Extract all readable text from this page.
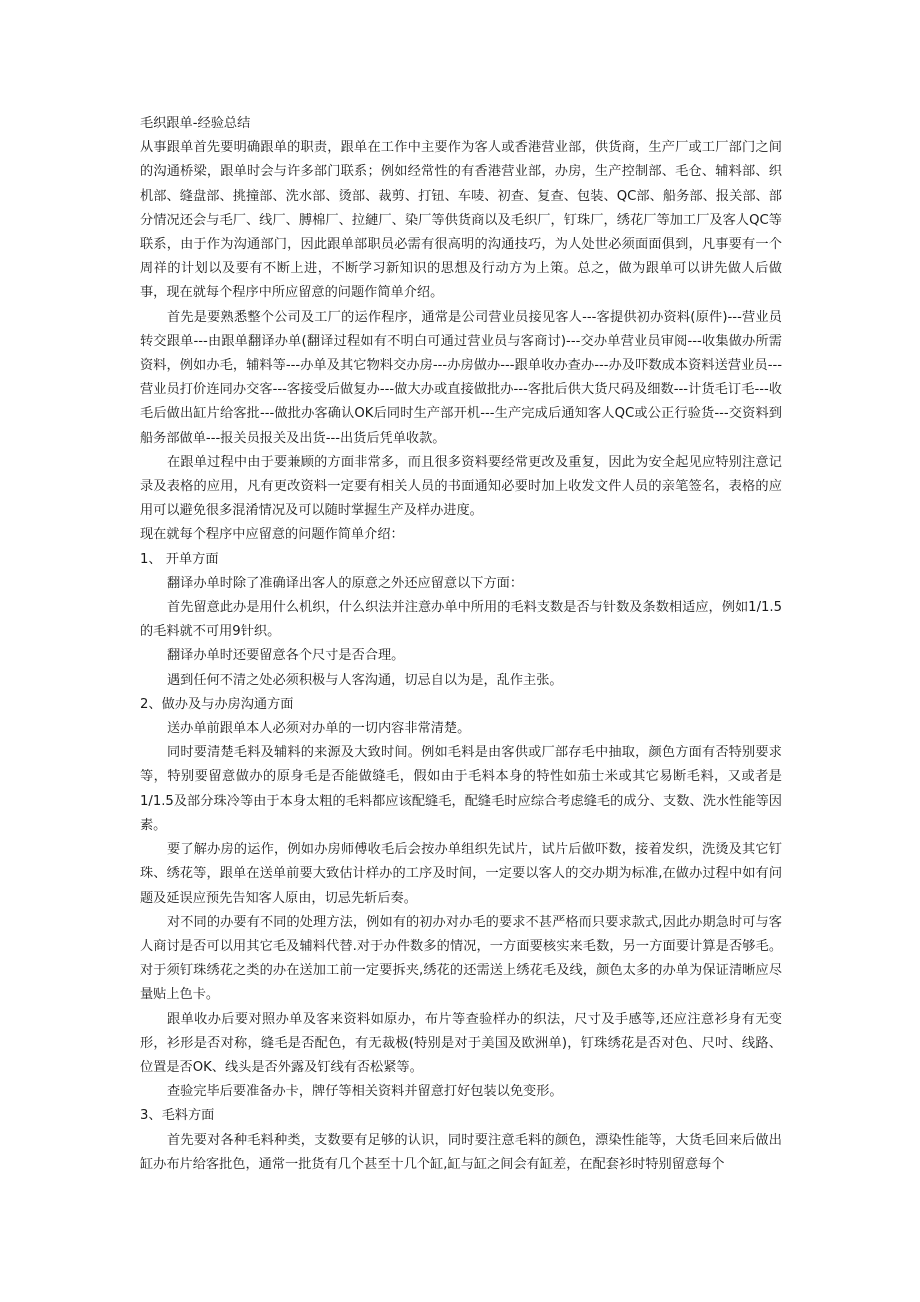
毛织跟单-经验总结

从事跟单首先要明确跟单的职责，跟单在工作中主要作为客人或香港营业部，供货商，生产厂或工厂部门之间的沟通桥梁，跟单时会与许多部门联系；例如经常性的有香港营业部，办房，生产控制部、毛仓、辅料部、织机部、缝盘部、挑撞部、洗水部、烫部、裁剪、打钮、车唛、初查、复查、包装、QC部、船务部、报关部、部分情况还会与毛厂、线厂、膊棉厂、拉縺厂、染厂等供货商以及毛织厂，钉珠厂，绣花厂等加工厂及客人QC等联系，由于作为沟通部门，因此跟单部职员必需有很高明的沟通技巧，为人处世必须面面俱到，凡事要有一个周祥的计划以及要有不断上进，不断学习新知识的思想及行动方为上策。总之，做为跟单可以讲先做人后做事，现在就每个程序中所应留意的问题作简单介绍。

首先是要熟悉整个公司及工厂的运作程序，通常是公司营业员接见客人---客提供初办资料(原件)---营业员转交跟单---由跟单翻译办单(翻译过程如有不明白可通过营业员与客商讨)---交办单营业员审阅---收集做办所需资料，例如办毛，辅料等---办单及其它物料交办房---办房做办---跟单收办查办---办及吓数成本资料送营业员---营业员打价连同办交客---客接受后做复办---做大办或直接做批办---客批后供大货尺码及细数---计货毛订毛---收毛后做出缸片给客批---做批办客确认OK后同时生产部开机---生产完成后通知客人QC或公正行验货---交资料到船务部做单---报关员报关及出货---出货后凭单收款。

在跟单过程中由于要兼顾的方面非常多，而且很多资料要经常更改及重复，因此为安全起见应特别注意记录及表格的应用，凡有更改资料一定要有相关人员的书面通知必要时加上收发文件人员的亲笔签名，表格的应用可以避免很多混淆情况及可以随时掌握生产及样办进度。

现在就每个程序中应留意的问题作简单介绍：

1、 开单方面

翻译办单时除了准确译出客人的原意之外还应留意以下方面：

首先留意此办是用什么机织，什么织法并注意办单中所用的毛料支数是否与针数及条数相适应，例如1/1.5的毛料就不可用9针织。

翻译办单时还要留意各个尺寸是否合理。

遇到任何不清之处必须积极与人客沟通，切忌自以为是，乱作主张。

2、做办及与办房沟通方面

送办单前跟单本人必须对办单的一切内容非常清楚。

同时要清楚毛料及辅料的来源及大致时间。例如毛料是由客供或厂部存毛中抽取，颜色方面有否特别要求等，特别要留意做办的原身毛是否能做缝毛，假如由于毛料本身的特性如茄士米或其它易断毛料，又或者是1/1.5及部分珠冷等由于本身太粗的毛料都应该配缝毛，配缝毛时应综合考虑缝毛的成分、支数、洗水性能等因素。

要了解办房的运作，例如办房师傅收毛后会按办单组织先试片，试片后做吓数，接着发织，洗烫及其它钉珠、绣花等，跟单在送单前要大致估计样办的工序及时间，一定要以客人的交办期为标准,在做办过程中如有问题及延误应预先告知客人原由，切忌先斩后奏。

对不同的办要有不同的处理方法，例如有的初办对办毛的要求不甚严格而只要求款式,因此办期急时可与客人商讨是否可以用其它毛及辅料代替.对于办件数多的情况，一方面要核实来毛数，另一方面要计算是否够毛。对于须钉珠绣花之类的办在送加工前一定要拆夹,绣花的还需送上绣花毛及线，颜色太多的办单为保证清晰应尽量贴上色卡。

跟单收办后要对照办单及客来资料如原办，布片等查验样办的织法，尺寸及手感等,还应注意衫身有无变形，衫形是否对称，缝毛是否配色，有无裁极(特别是对于美国及欧洲单)，钉珠绣花是否对色、尺吋、线路、位置是否OK、线头是否外露及钉线有否松紧等。

查验完毕后要准备办卡，牌仔等相关资料并留意打好包装以免变形。

3、毛料方面

首先要对各种毛料种类，支数要有足够的认识，同时要注意毛料的颜色，漂染性能等，大货毛回来后做出缸办布片给客批色，通常一批货有几个甚至十几个缸,缸与缸之间会有缸差，在配套衫时特别留意每个
